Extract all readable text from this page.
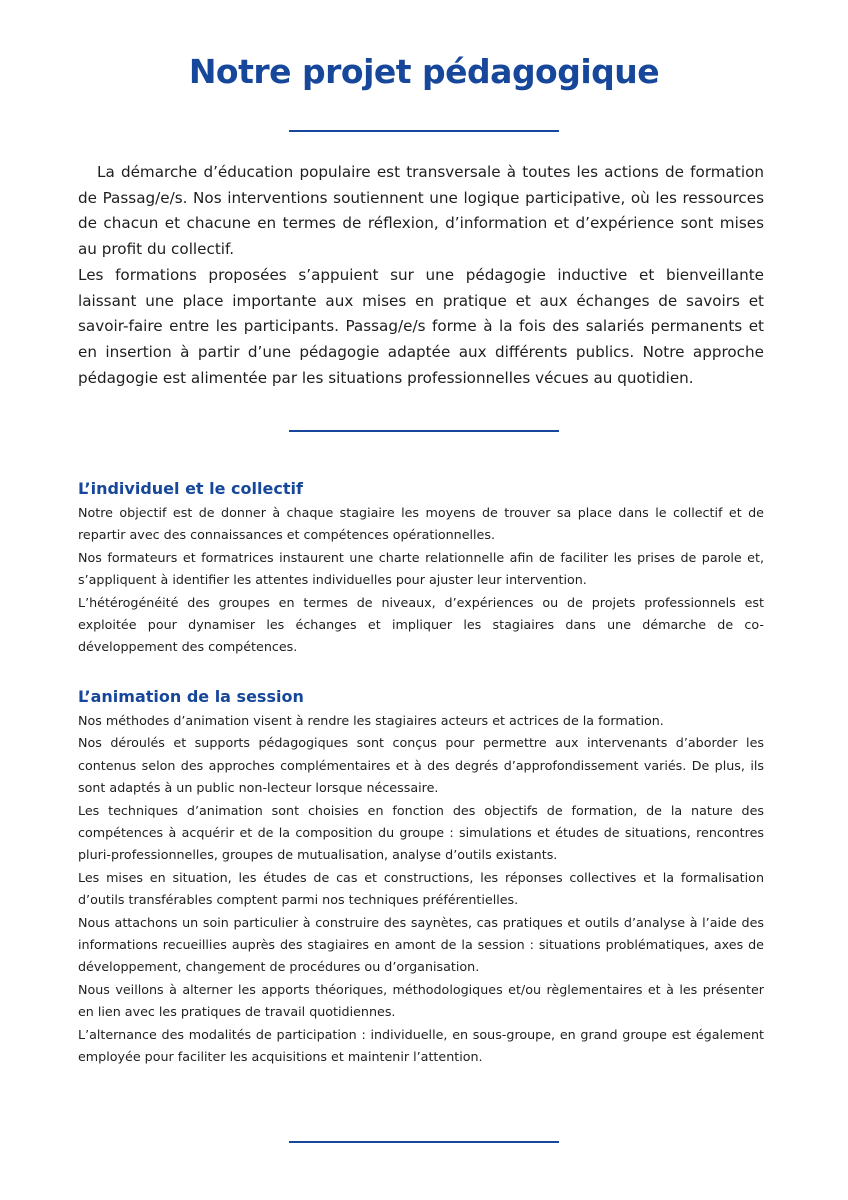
Notre projet pédagogique

La démarche d’éducation populaire est transversale à toutes les actions de formation de Passag/e/s. Nos interventions soutiennent une logique participative, où les ressources de chacun et chacune en termes de réflexion, d’information et d’expérience sont mises au profit du collectif.

Les formations proposées s’appuient sur une pédagogie inductive et bienveillante laissant une place importante aux mises en pratique et aux échanges de savoirs et savoir-faire entre les participants. Passag/e/s forme à la fois des salariés permanents et en insertion à partir d’une pédagogie adaptée aux différents publics. Notre approche pédagogie est alimentée par les situations professionnelles vécues au quotidien.

L’individuel et le collectif

Notre objectif est de donner à chaque stagiaire les moyens de trouver sa place dans le collectif et de repartir avec des connaissances et compétences opérationnelles.

Nos formateurs et formatrices instaurent une charte relationnelle afin de faciliter les prises de parole et, s’appliquent à identifier les attentes individuelles pour ajuster leur intervention.

L’hétérogénéité des groupes en termes de niveaux, d’expériences ou de projets professionnels est exploitée pour dynamiser les échanges et impliquer les stagiaires dans une démarche de co-développement des compétences.

L’animation de la session

Nos méthodes d’animation visent à rendre les stagiaires acteurs et actrices de la formation.

Nos déroulés et supports pédagogiques sont conçus pour permettre aux intervenants d’aborder les contenus selon des approches complémentaires et à des degrés d’approfondissement variés. De plus, ils sont adaptés à un public non-lecteur lorsque nécessaire.

Les techniques d’animation sont choisies en fonction des objectifs de formation, de la nature des compétences à acquérir et de la composition du groupe : simulations et études de situations, rencontres pluri-professionnelles, groupes de mutualisation, analyse d’outils existants.

Les mises en situation, les études de cas et constructions, les réponses collectives et la formalisation d’outils transférables comptent parmi nos techniques préférentielles.

Nous attachons un soin particulier à construire des saynètes, cas pratiques et outils d’analyse à l’aide des informations recueillies auprès des stagiaires en amont de la session : situations problématiques, axes de développement, changement de procédures ou d’organisation.

Nous veillons à alterner les apports théoriques, méthodologiques et/ou règlementaires et à les présenter en lien avec les pratiques de travail quotidiennes.

L’alternance des modalités de participation : individuelle, en sous-groupe, en grand groupe est également employée pour faciliter les acquisitions et maintenir l’attention.
